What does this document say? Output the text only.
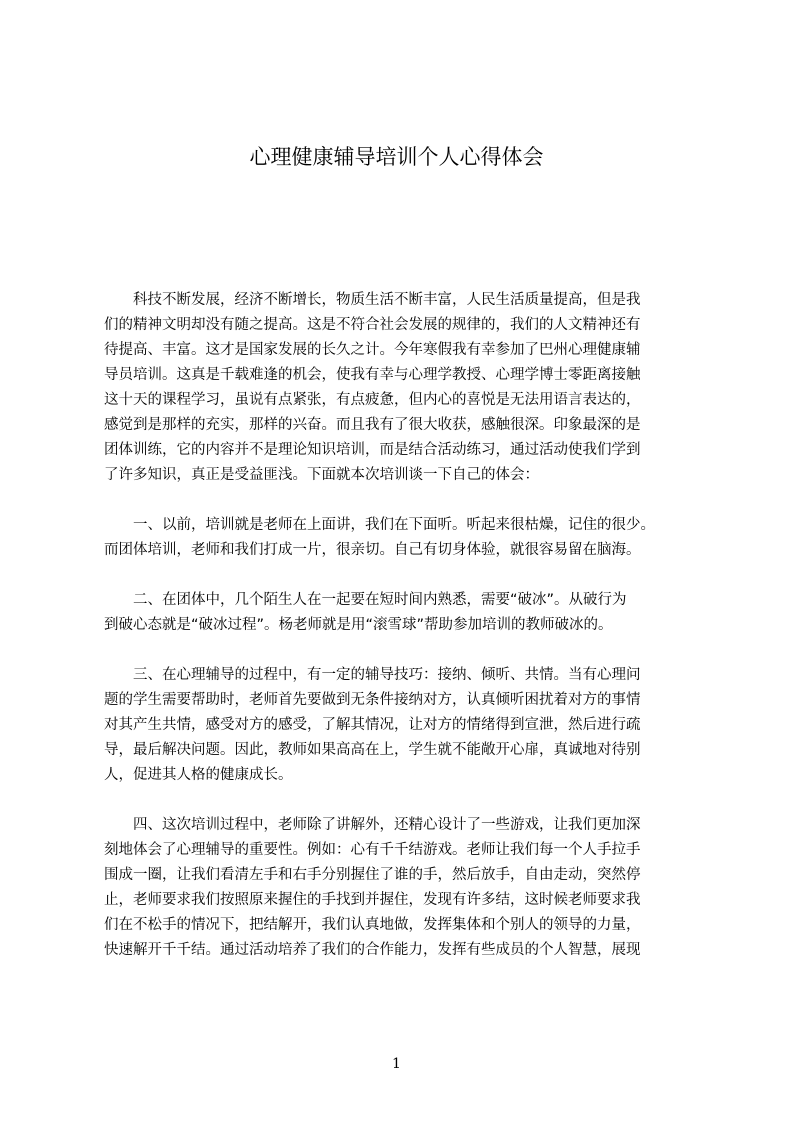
心理健康辅导培训个人心得体会
　　科技不断发展，经济不断增长，物质生活不断丰富，人民生活质量提高，但是我
们的精神文明却没有随之提高。这是不符合社会发展的规律的，我们的人文精神还有
待提高、丰富。这才是国家发展的长久之计。今年寒假我有幸参加了巴州心理健康辅
导员培训。这真是千载难逢的机会，使我有幸与心理学教授、心理学博士零距离接触
这十天的课程学习，虽说有点紧张，有点疲惫，但内心的喜悦是无法用语言表达的，
感觉到是那样的充实，那样的兴奋。而且我有了很大收获，感触很深。印象最深的是
团体训练，它的内容并不是理论知识培训，而是结合活动练习，通过活动使我们学到
了许多知识，真正是受益匪浅。下面就本次培训谈一下自己的体会：
　　一、以前，培训就是老师在上面讲，我们在下面听。听起来很枯燥，记住的很少。
而团体培训，老师和我们打成一片，很亲切。自己有切身体验，就很容易留在脑海。
　　二、在团体中，几个陌生人在一起要在短时间内熟悉，需要“破冰”。从破行为
到破心态就是“破冰过程”。杨老师就是用“滚雪球”帮助参加培训的教师破冰的。
　　三、在心理辅导的过程中，有一定的辅导技巧：接纳、倾听、共情。当有心理问
题的学生需要帮助时，老师首先要做到无条件接纳对方，认真倾听困扰着对方的事情
对其产生共情，感受对方的感受，了解其情况，让对方的情绪得到宣泄，然后进行疏
导，最后解决问题。因此，教师如果高高在上，学生就不能敞开心扉，真诚地对待别
人，促进其人格的健康成长。
　　四、这次培训过程中，老师除了讲解外，还精心设计了一些游戏，让我们更加深
刻地体会了心理辅导的重要性。例如：心有千千结游戏。老师让我们每一个人手拉手
围成一圈，让我们看清左手和右手分别握住了谁的手，然后放手，自由走动，突然停
止，老师要求我们按照原来握住的手找到并握住，发现有许多结，这时候老师要求我
们在不松手的情况下，把结解开，我们认真地做，发挥集体和个别人的领导的力量，
快速解开千千结。通过活动培养了我们的合作能力，发挥有些成员的个人智慧，展现
1
